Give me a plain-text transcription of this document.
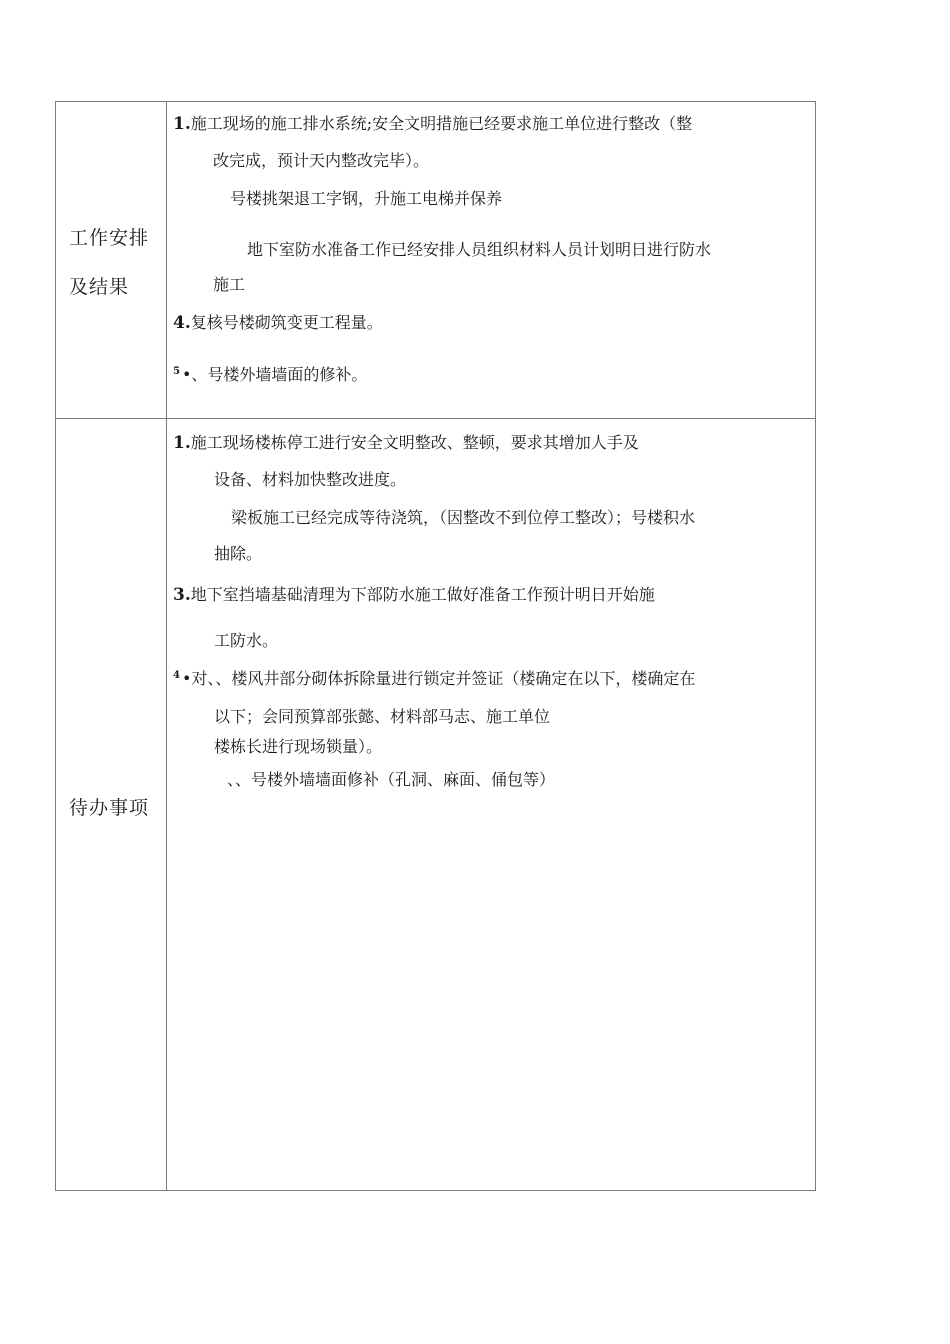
工作安排
及结果
1.施工现场的施工排水系统;安全文明措施已经要求施工单位进行整改（整
改完成，预计天内整改完毕）。
号楼挑架退工字钢，升施工电梯并保养
地下室防水准备工作已经安排人员组织材料人员计划明日进行防水
施工
4.复核号楼砌筑变更工程量。
$^5$ •、号楼外墙墙面的修补。
待办事项
1.施工现场楼栋停工进行安全文明整改、整顿，要求其增加人手及
设备、材料加快整改进度。
梁板施工已经完成等待浇筑，（因整改不到位停工整改）；号楼积水
抽除。
3.地下室挡墙基础清理为下部防水施工做好准备工作预计明日开始施
工防水。
$^4$ •对、、楼风井部分砌体拆除量进行锁定并签证（楼确定在以下，楼确定在
以下；会同预算部张懿、材料部马志、施工单位
楼栋长进行现场锁量）。
、、号楼外墙墙面修补（孔洞、麻面、俑包等）
